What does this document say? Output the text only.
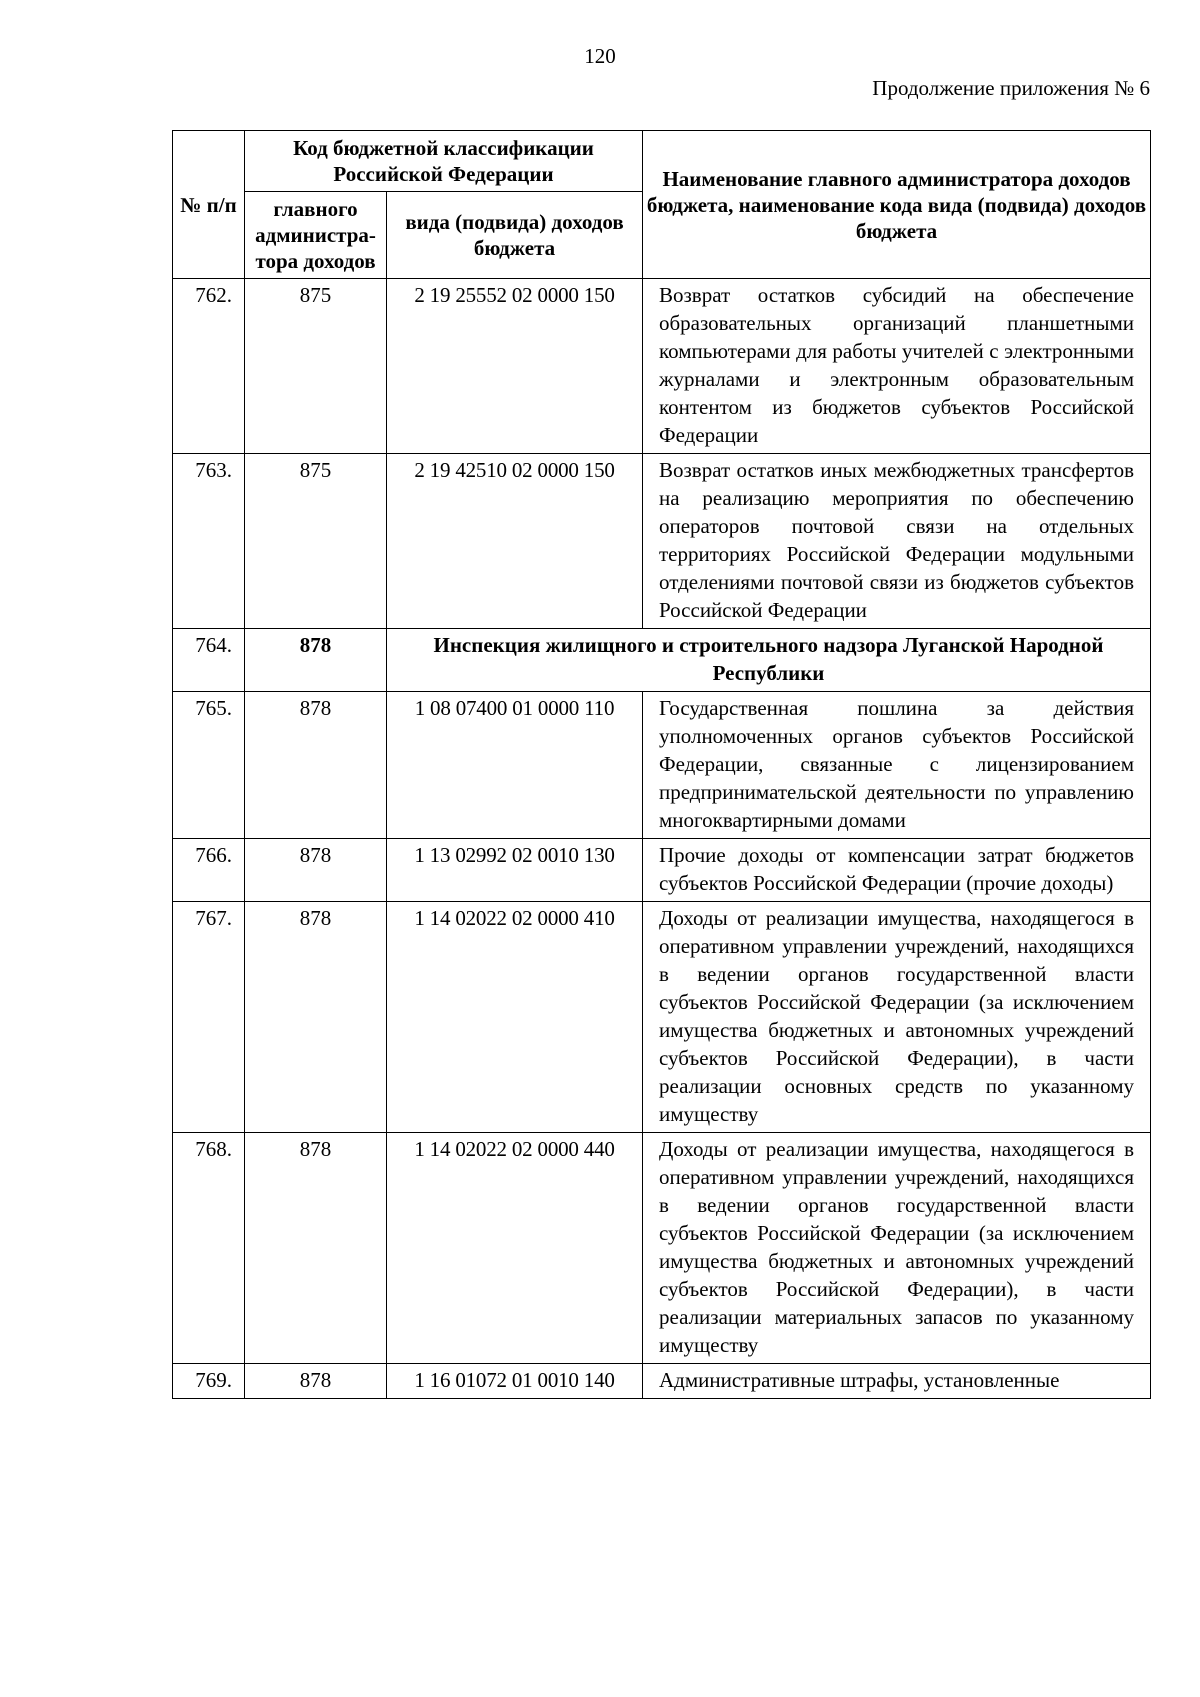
120
Продолжение приложения № 6
№ п/п	Код бюджетной классификации Российской Федерации		Наименование главного администратора доходов бюджета, наименование кода вида (подвида) доходов бюджета
	главного администра-тора доходов	вида (подвида) доходов бюджета	
762.	875	2 19 25552 02 0000 150	Возврат остатков субсидий на обеспечение образовательных организаций планшетными компьютерами для работы учителей с электронными журналами и электронным образовательным контентом из бюджетов субъектов Российской Федерации
763.	875	2 19 42510 02 0000 150	Возврат остатков иных межбюджетных трансфертов на реализацию мероприятия по обеспечению операторов почтовой связи на отдельных территориях Российской Федерации модульными отделениями почтовой связи из бюджетов субъектов Российской Федерации
764.	878	Инспекция жилищного и строительного надзора Луганской Народной Республики	
765.	878	1 08 07400 01 0000 110	Государственная пошлина за действия уполномоченных органов субъектов Российской Федерации, связанные с лицензированием предпринимательской деятельности по управлению многоквартирными домами
766.	878	1 13 02992 02 0010 130	Прочие доходы от компенсации затрат бюджетов субъектов Российской Федерации (прочие доходы)
767.	878	1 14 02022 02 0000 410	Доходы от реализации имущества, находящегося в оперативном управлении учреждений, находящихся в ведении органов государственной власти субъектов Российской Федерации (за исключением имущества бюджетных и автономных учреждений субъектов Российской Федерации), в части реализации основных средств по указанному имуществу
768.	878	1 14 02022 02 0000 440	Доходы от реализации имущества, находящегося в оперативном управлении учреждений, находящихся в ведении органов государственной власти субъектов Российской Федерации (за исключением имущества бюджетных и автономных учреждений субъектов Российской Федерации), в части реализации материальных запасов по указанному имуществу
769.	878	1 16 01072 01 0010 140	Административные штрафы, установленные
